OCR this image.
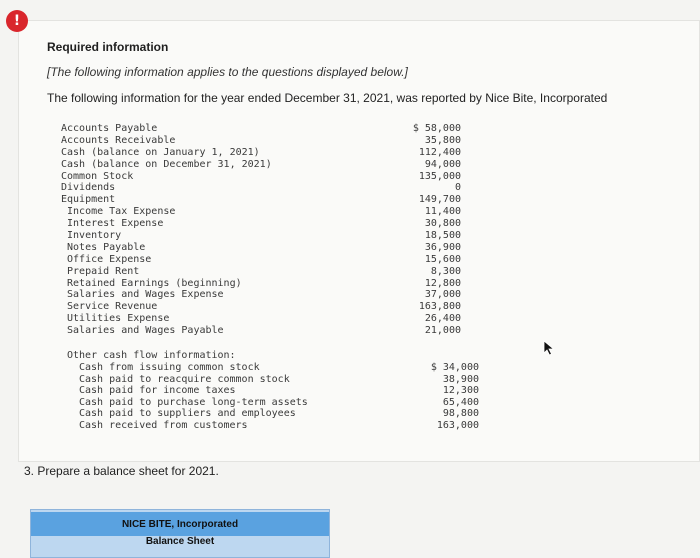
!
Required information
[The following information applies to the questions displayed below.]
The following information for the year ended December 31, 2021, was reported by Nice Bite, Incorporated
Accounts Payable	$ 58,000
Accounts Receivable	35,800
Cash (balance on January 1, 2021)	112,400
Cash (balance on December 31, 2021)	94,000
Common Stock	135,000
Dividends	0
Equipment	149,700
Income Tax Expense	11,400
Interest Expense	30,800
Inventory	18,500
Notes Payable	36,900
Office Expense	15,600
Prepaid Rent	8,300
Retained Earnings (beginning)	12,800
Salaries and Wages Expense	37,000
Service Revenue	163,800
Utilities Expense	26,400
Salaries and Wages Payable	21,000
Other cash flow information:
Cash from issuing common stock	$ 34,000
Cash paid to reacquire common stock	38,900
Cash paid for income taxes	12,300
Cash paid to purchase long-term assets	65,400
Cash paid to suppliers and employees	98,800
Cash received from customers	163,000
3. Prepare a balance sheet for 2021.
NICE BITE, Incorporated
Balance Sheet
